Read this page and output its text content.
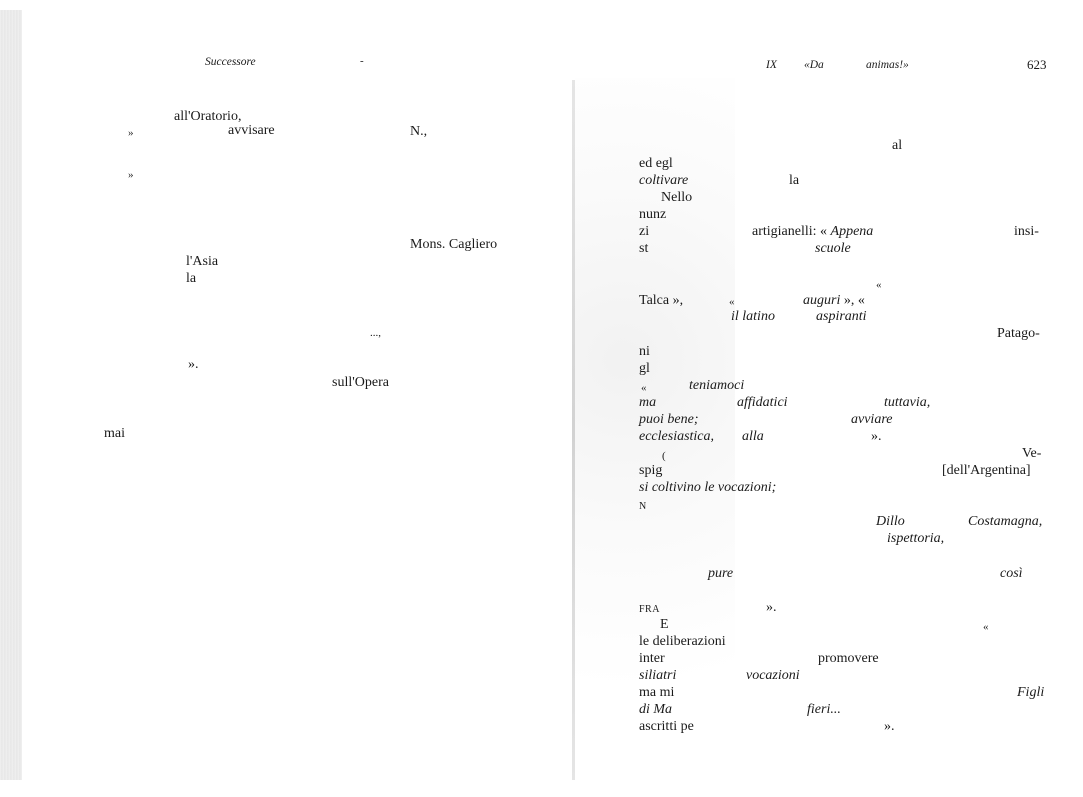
Successore	-
all'Oratorio,
»	avvisare	N.,
»
Mons. Cagliero
l'Asia
la
...,
».
sull'Opera
mai
IX «Da	animas!»	623
al
ed egl
coltivare	la
Nello
nunz
zi	artigianelli: « Appena	insi-
st	scuole
«
Talca »,	«	auguri », «
il latino	aspiranti
Patago-
ni
gl
«	teniamoci
ma	affidatici	tuttavia,
puoi bene;	avviare
ecclesiastica, alla	».
(	Ve-
spig	[dell'Argentina]
si coltivino le vocazioni;
N
Dillo	Costamagna,
ispettoria,
pure	così
FRA	».
E	«
le deliberazioni
inter	promovere
siliatri	vocazioni
ma mi	Figli
di Ma	fieri...
ascritti pe	».
